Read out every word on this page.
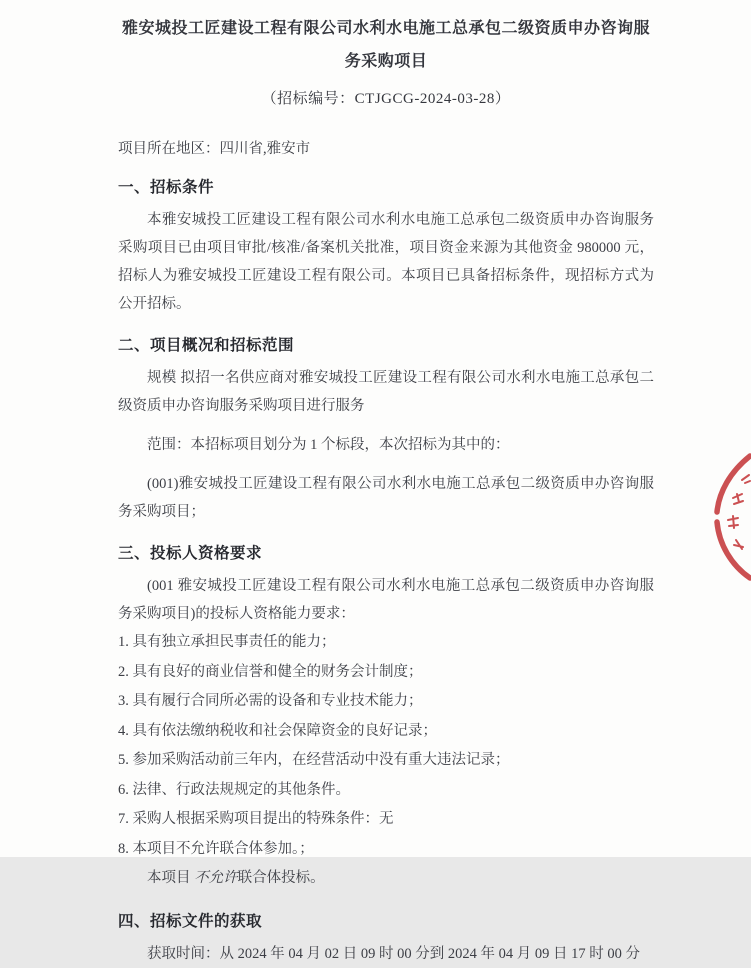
雅安城投工匠建设工程有限公司水利水电施工总承包二级资质申办咨询服务采购项目
（招标编号：CTJGCG-2024-03-28）
项目所在地区：四川省,雅安市
一、招标条件

本雅安城投工匠建设工程有限公司水利水电施工总承包二级资质申办咨询服务采购项目已由项目审批/核准/备案机关批准，项目资金来源为其他资金 980000 元，招标人为雅安城投工匠建设工程有限公司。本项目已具备招标条件，现招标方式为公开招标。

二、项目概况和招标范围

规模 拟招一名供应商对雅安城投工匠建设工程有限公司水利水电施工总承包二级资质申办咨询服务采购项目进行服务

范围：本招标项目划分为 1 个标段，本次招标为其中的：

(001)雅安城投工匠建设工程有限公司水利水电施工总承包二级资质申办咨询服务采购项目；

三、投标人资格要求

(001 雅安城投工匠建设工程有限公司水利水电施工总承包二级资质申办咨询服务采购项目)的投标人资格能力要求：

1. 具有独立承担民事责任的能力；

2. 具有良好的商业信誉和健全的财务会计制度；

3. 具有履行合同所必需的设备和专业技术能力；

4. 具有依法缴纳税收和社会保障资金的良好记录；

5. 参加采购活动前三年内，在经营活动中没有重大违法记录；

6. 法律、行政法规规定的其他条件。

7. 采购人根据采购项目提出的特殊条件：无

8. 本项目不允许联合体参加。；

本项目 不允许联合体投标。

四、招标文件的获取

获取时间：从 2024 年 04 月 02 日 09 时 00 分到 2024 年 04 月 09 日 17 时 00 分
